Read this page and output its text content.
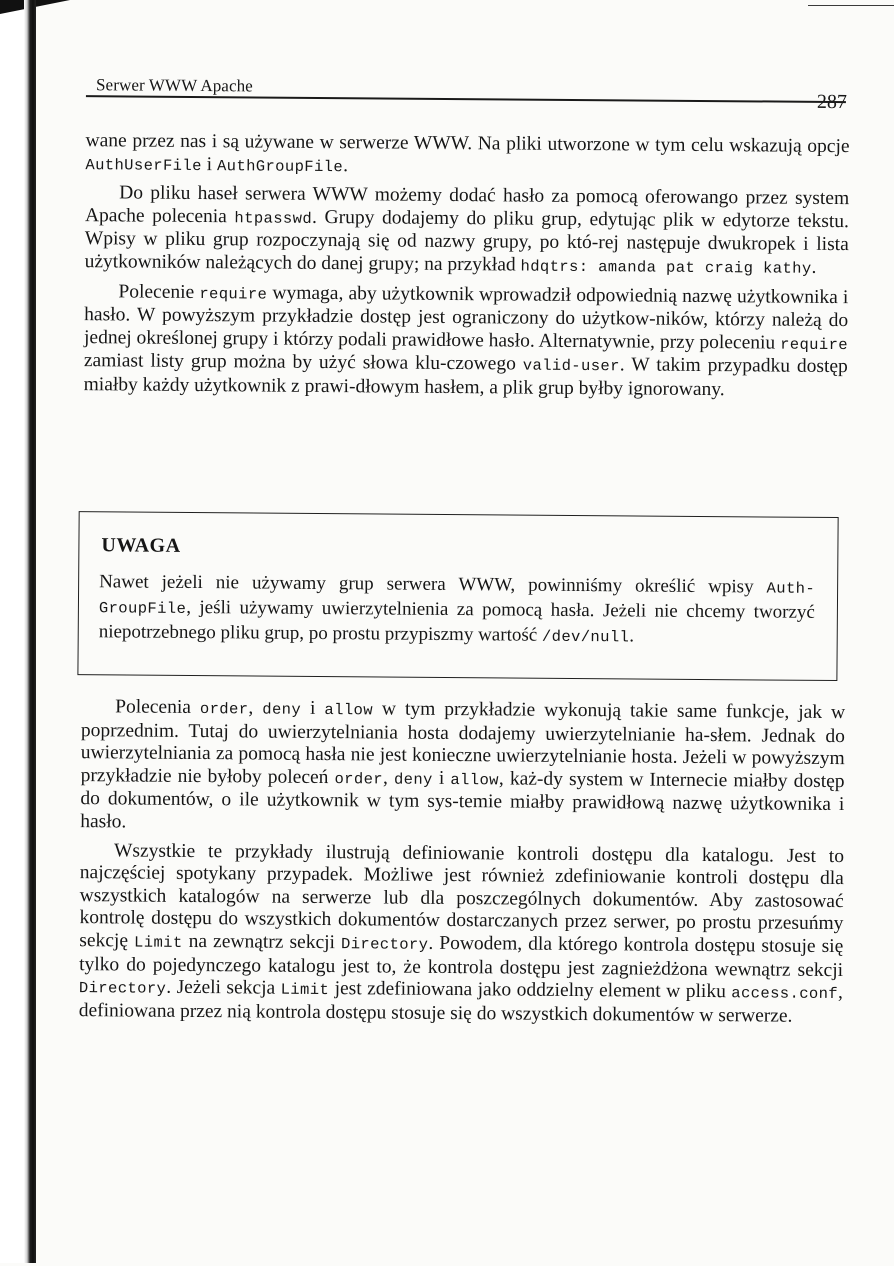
Serwer WWW Apache
287

wane przez nas i są używane w serwerze WWW. Na pliki utworzone w tym celu wskazują opcje AuthUserFile i AuthGroupFile.

Do pliku haseł serwera WWW możemy dodać hasło za pomocą oferowango przez system Apache polecenia htpasswd. Grupy dodajemy do pliku grup, edytując plik w edytorze tekstu. Wpisy w pliku grup rozpoczynają się od nazwy grupy, po któ-rej następuje dwukropek i lista użytkowników należących do danej grupy; na przykład hdqtrs: amanda pat craig kathy.

Polecenie require wymaga, aby użytkownik wprowadził odpowiednią nazwę użytkownika i hasło. W powyższym przykładzie dostęp jest ograniczony do użytkow-ników, którzy należą do jednej określonej grupy i którzy podali prawidłowe hasło. Alternatywnie, przy poleceniu require zamiast listy grup można by użyć słowa klu-czowego valid-user. W takim przypadku dostęp miałby każdy użytkownik z prawi-dłowym hasłem, a plik grup byłby ignorowany.

UWAGA
Nawet jeżeli nie używamy grup serwera WWW, powinniśmy określić wpisy Auth-GroupFile, jeśli używamy uwierzytelnienia za pomocą hasła. Jeżeli nie chcemy tworzyć niepotrzebnego pliku grup, po prostu przypiszmy wartość /dev/null.

Polecenia order, deny i allow w tym przykładzie wykonują takie same funkcje, jak w poprzednim. Tutaj do uwierzytelniania hosta dodajemy uwierzytelnianie ha-słem. Jednak do uwierzytelniania za pomocą hasła nie jest konieczne uwierzytelnianie hosta. Jeżeli w powyższym przykładzie nie byłoby poleceń order, deny i allow, każ-dy system w Internecie miałby dostęp do dokumentów, o ile użytkownik w tym sys-temie miałby prawidłową nazwę użytkownika i hasło.

Wszystkie te przykłady ilustrują definiowanie kontroli dostępu dla katalogu. Jest to najczęściej spotykany przypadek. Możliwe jest również zdefiniowanie kontroli dostępu dla wszystkich katalogów na serwerze lub dla poszczególnych dokumentów. Aby zastosować kontrolę dostępu do wszystkich dokumentów dostarczanych przez serwer, po prostu przesuńmy sekcję Limit na zewnątrz sekcji Directory. Powodem, dla którego kontrola dostępu stosuje się tylko do pojedynczego katalogu jest to, że kontrola dostępu jest zagnieżdżona wewnątrz sekcji Directory. Jeżeli sekcja Limit jest zdefiniowana jako oddzielny element w pliku access.conf, definiowana przez nią kontrola dostępu stosuje się do wszystkich dokumentów w serwerze.
